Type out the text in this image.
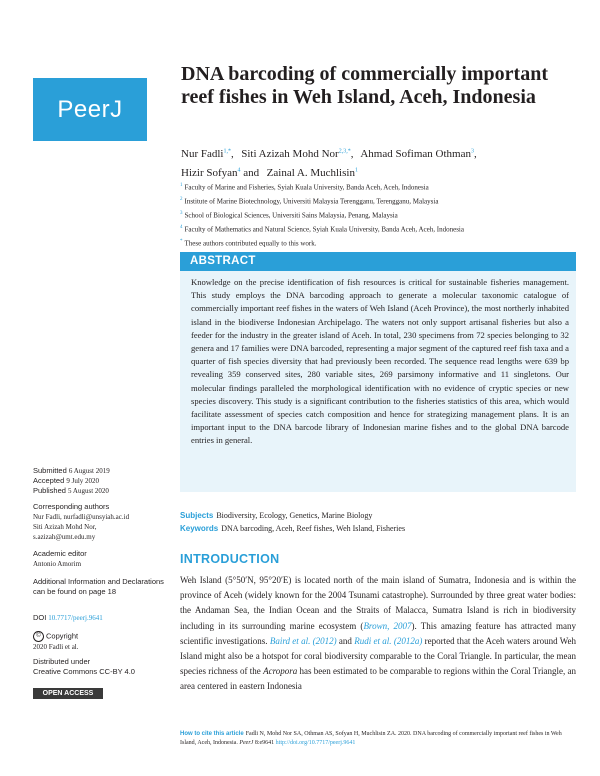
PeerJ
DNA barcoding of commercially important reef fishes in Weh Island, Aceh, Indonesia
Nur Fadli$^{1,*}$, Siti Azizah Mohd Nor$^{2,3,*}$, Ahmad Sofiman Othman$^3$,
Hizir Sofyan$^4$ and Zainal A. Muchlisin$^1$
$^1$ Faculty of Marine and Fisheries, Syiah Kuala University, Banda Aceh, Aceh, Indonesia
$^2$ Institute of Marine Biotechnology, Universiti Malaysia Terengganu, Terengganu, Malaysia
$^3$ School of Biological Sciences, Universiti Sains Malaysia, Penang, Malaysia
$^4$ Faculty of Mathematics and Natural Science, Syiah Kuala University, Banda Aceh, Aceh, Indonesia
* These authors contributed equally to this work.
ABSTRACT
Knowledge on the precise identification of fish resources is critical for sustainable fisheries management. This study employs the DNA barcoding approach to generate a molecular taxonomic catalogue of commercially important reef fishes in the waters of Weh Island (Aceh Province), the most northerly inhabited island in the biodiverse Indonesian Archipelago. The waters not only support artisanal fisheries but also a feeder for the industry in the greater island of Aceh. In total, 230 specimens from 72 species belonging to 32 genera and 17 families were DNA barcoded, representing a major segment of the captured reef fish taxa and a quarter of fish species diversity that had previously been recorded. The sequence read lengths were 639 bp revealing 359 conserved sites, 280 variable sites, 269 parsimony informative and 11 singletons. Our molecular findings paralleled the morphological identification with no evidence of cryptic species or new species discovery. This study is a significant contribution to the fisheries statistics of this area, which would facilitate assessment of species catch composition and hence for strategizing management plans. It is an important input to the DNA barcode library of Indonesian marine fishes and to the global DNA barcode entries in general.
Submitted 6 August 2019
Accepted 9 July 2020
Published 5 August 2020
Corresponding authors
Nur Fadli, nurfadli@unsyiah.ac.id
Siti Azizah Mohd Nor,
s.azizah@umt.edu.my
Academic editor
Antonio Amorim
Additional Information and Declarations can be found on page 18
DOI 10.7717/peerj.9641
© Copyright
2020 Fadli et al.
Distributed under
Creative Commons CC-BY 4.0
OPEN ACCESS
Subjects Biodiversity, Ecology, Genetics, Marine Biology
Keywords DNA barcoding, Aceh, Reef fishes, Weh Island, Fisheries
INTRODUCTION
Weh Island (5°50′N, 95°20′E) is located north of the main island of Sumatra, Indonesia and is within the province of Aceh (widely known for the 2004 Tsunami catastrophe). Surrounded by three great water bodies: the Andaman Sea, the Indian Ocean and the Straits of Malacca, Sumatra Island is rich in biodiversity including in its surrounding marine ecosystem (Brown, 2007). This amazing feature has attracted many scientific investigations. Baird et al. (2012) and Rudi et al. (2012a) reported that the Aceh waters around Weh Island might also be a hotspot for coral biodiversity comparable to the Coral Triangle. In particular, the mean species richness of the Acropora has been estimated to be comparable to regions within the Coral Triangle, an area centered in eastern Indonesia
How to cite this article Fadli N, Mohd Nor SA, Othman AS, Sofyan H, Muchlisin ZA. 2020. DNA barcoding of commercially important reef fishes in Weh Island, Aceh, Indonesia. PeerJ 8:e9641 http://doi.org/10.7717/peerj.9641
